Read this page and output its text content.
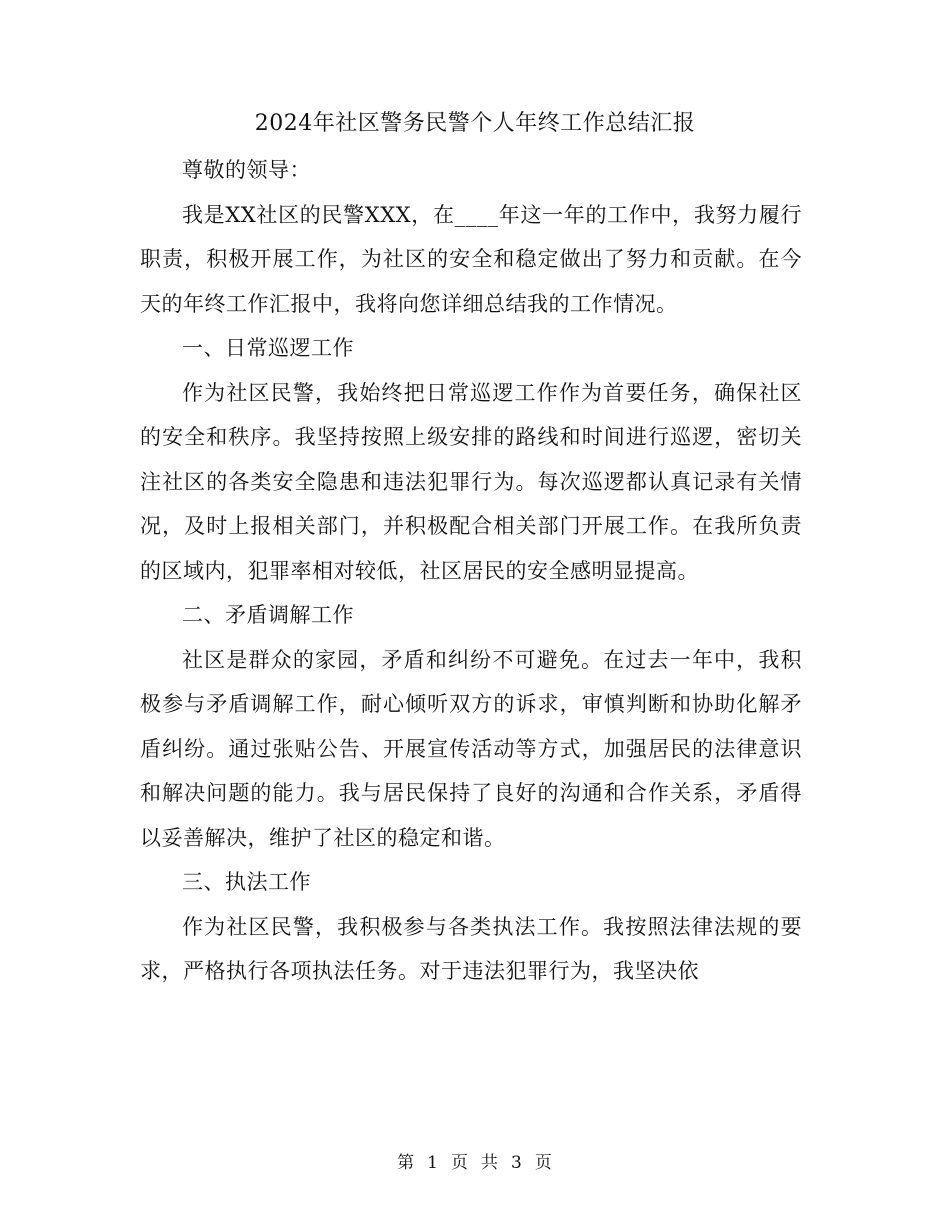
2024年社区警务民警个人年终工作总结汇报

尊敬的领导：

我是XX社区的民警XXX，在____年这一年的工作中，我努力履行职责，积极开展工作，为社区的安全和稳定做出了努力和贡献。在今天的年终工作汇报中，我将向您详细总结我的工作情况。

一、日常巡逻工作

作为社区民警，我始终把日常巡逻工作作为首要任务，确保社区的安全和秩序。我坚持按照上级安排的路线和时间进行巡逻，密切关注社区的各类安全隐患和违法犯罪行为。每次巡逻都认真记录有关情况，及时上报相关部门，并积极配合相关部门开展工作。在我所负责的区域内，犯罪率相对较低，社区居民的安全感明显提高。

二、矛盾调解工作

社区是群众的家园，矛盾和纠纷不可避免。在过去一年中，我积极参与矛盾调解工作，耐心倾听双方的诉求，审慎判断和协助化解矛盾纠纷。通过张贴公告、开展宣传活动等方式，加强居民的法律意识和解决问题的能力。我与居民保持了良好的沟通和合作关系，矛盾得以妥善解决，维护了社区的稳定和谐。

三、执法工作

作为社区民警，我积极参与各类执法工作。我按照法律法规的要求，严格执行各项执法任务。对于违法犯罪行为，我坚决依

第 1 页 共 3 页
